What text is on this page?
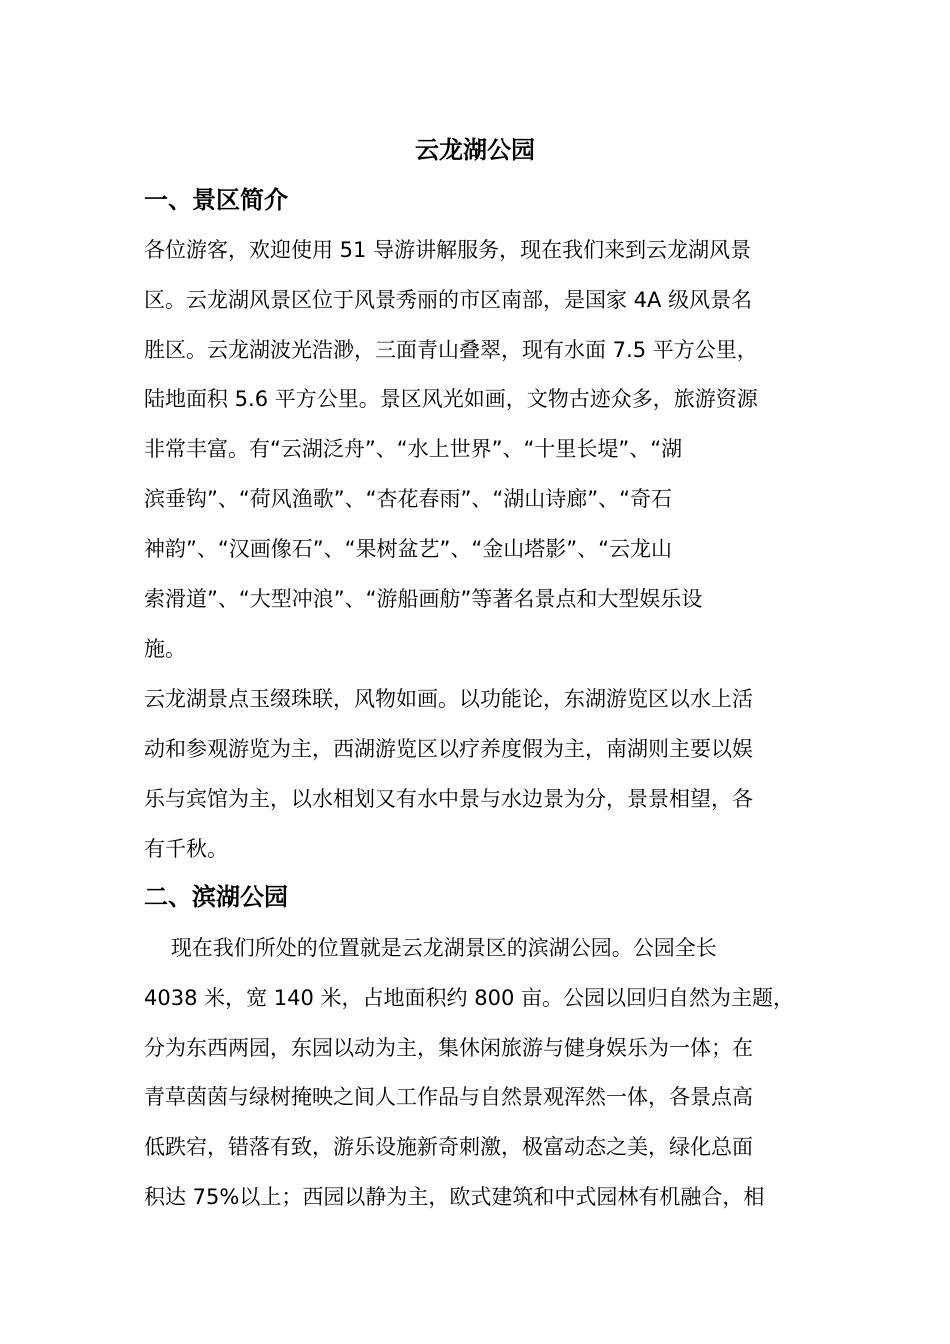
云龙湖公园
一、景区简介
各位游客，欢迎使用 51 导游讲解服务，现在我们来到云龙湖风景
区。云龙湖风景区位于风景秀丽的市区南部，是国家 4A 级风景名
胜区。云龙湖波光浩渺，三面青山叠翠，现有水面 7.5 平方公里，
陆地面积 5.6 平方公里。景区风光如画，文物古迹众多，旅游资源
非常丰富。有“云湖泛舟”、“水上世界”、“十里长堤”、“湖
滨垂钩”、“荷风渔歌”、“杏花春雨”、“湖山诗廊”、“奇石
神韵”、“汉画像石”、“果树盆艺”、“金山塔影”、“云龙山
索滑道”、“大型冲浪”、“游船画舫”等著名景点和大型娱乐设
施。
云龙湖景点玉缀珠联，风物如画。以功能论，东湖游览区以水上活
动和参观游览为主，西湖游览区以疗养度假为主，南湖则主要以娱
乐与宾馆为主，以水相划又有水中景与水边景为分，景景相望，各
有千秋。
二、滨湖公园
现在我们所处的位置就是云龙湖景区的滨湖公园。公园全长
4038 米，宽 140 米，占地面积约 800 亩。公园以回归自然为主题，
分为东西两园，东园以动为主，集休闲旅游与健身娱乐为一体；在
青草茵茵与绿树掩映之间人工作品与自然景观浑然一体，各景点高
低跌宕，错落有致，游乐设施新奇刺激，极富动态之美，绿化总面
积达 75%以上；西园以静为主，欧式建筑和中式园林有机融合，相
